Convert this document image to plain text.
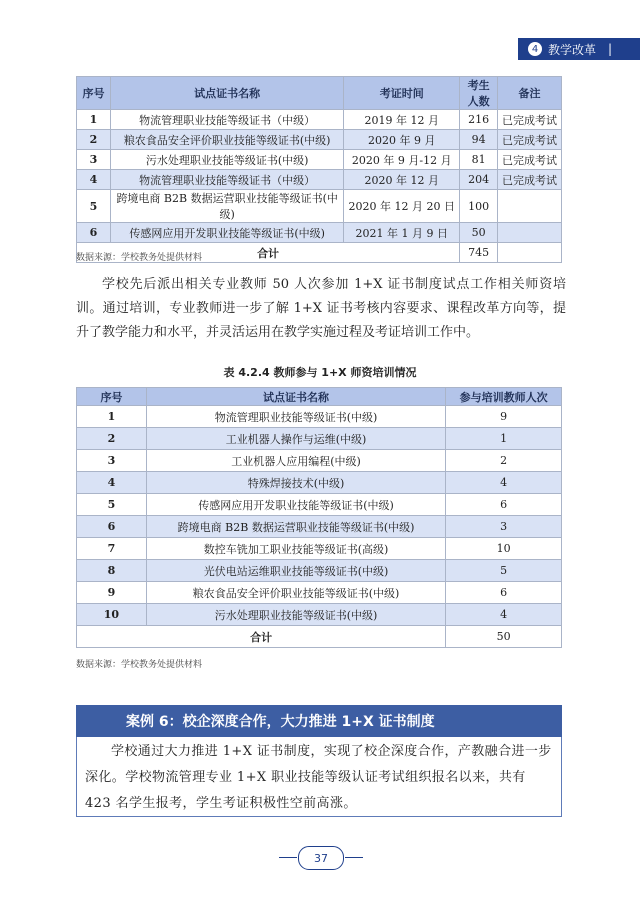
4 教学改革 |
序号	试点证书名称	考证时间	考生人数	备注
1	物流管理职业技能等级证书（中级）	2019 年 12 月	216	已完成考试
2	粮农食品安全评价职业技能等级证书(中级)	2020 年 9 月	94	已完成考试
3	污水处理职业技能等级证书(中级)	2020 年 9 月-12 月	81	已完成考试
4	物流管理职业技能等级证书（中级）	2020 年 12 月	204	已完成考试
5	跨境电商 B2B 数据运营职业技能等级证书(中级)	2020 年 12 月 20 日	100	
6	传感网应用开发职业技能等级证书(中级)	2021 年 1 月 9 日	50	
合计			745	
数据来源：学校教务处提供材料

学校先后派出相关专业教师 50 人次参加 1+X 证书制度试点工作相关师资培训。通过培训，专业教师进一步了解 1+X 证书考核内容要求、课程改革方向等，提升了教学能力和水平，并灵活运用在教学实施过程及考证培训工作中。

表 4.2.4 教师参与 1+X 师资培训情况
序号	试点证书名称	参与培训教师人次
1	物流管理职业技能等级证书(中级)	9
2	工业机器人操作与运维(中级)	1
3	工业机器人应用编程(中级)	2
4	特殊焊接技术(中级)	4
5	传感网应用开发职业技能等级证书(中级)	6
6	跨境电商 B2B 数据运营职业技能等级证书(中级)	3
7	数控车铣加工职业技能等级证书(高级)	10
8	光伏电站运维职业技能等级证书(中级)	5
9	粮农食品安全评价职业技能等级证书(中级)	6
10	污水处理职业技能等级证书(中级)	4
合计		50
数据来源：学校教务处提供材料
案例 6：校企深度合作，大力推进 1+X 证书制度

学校通过大力推进 1+X 证书制度，实现了校企深度合作，产教融合进一步深化。学校物流管理专业 1+X 职业技能等级认证考试组织报名以来，共有 423 名学生报考，学生考证积极性空前高涨。

37
